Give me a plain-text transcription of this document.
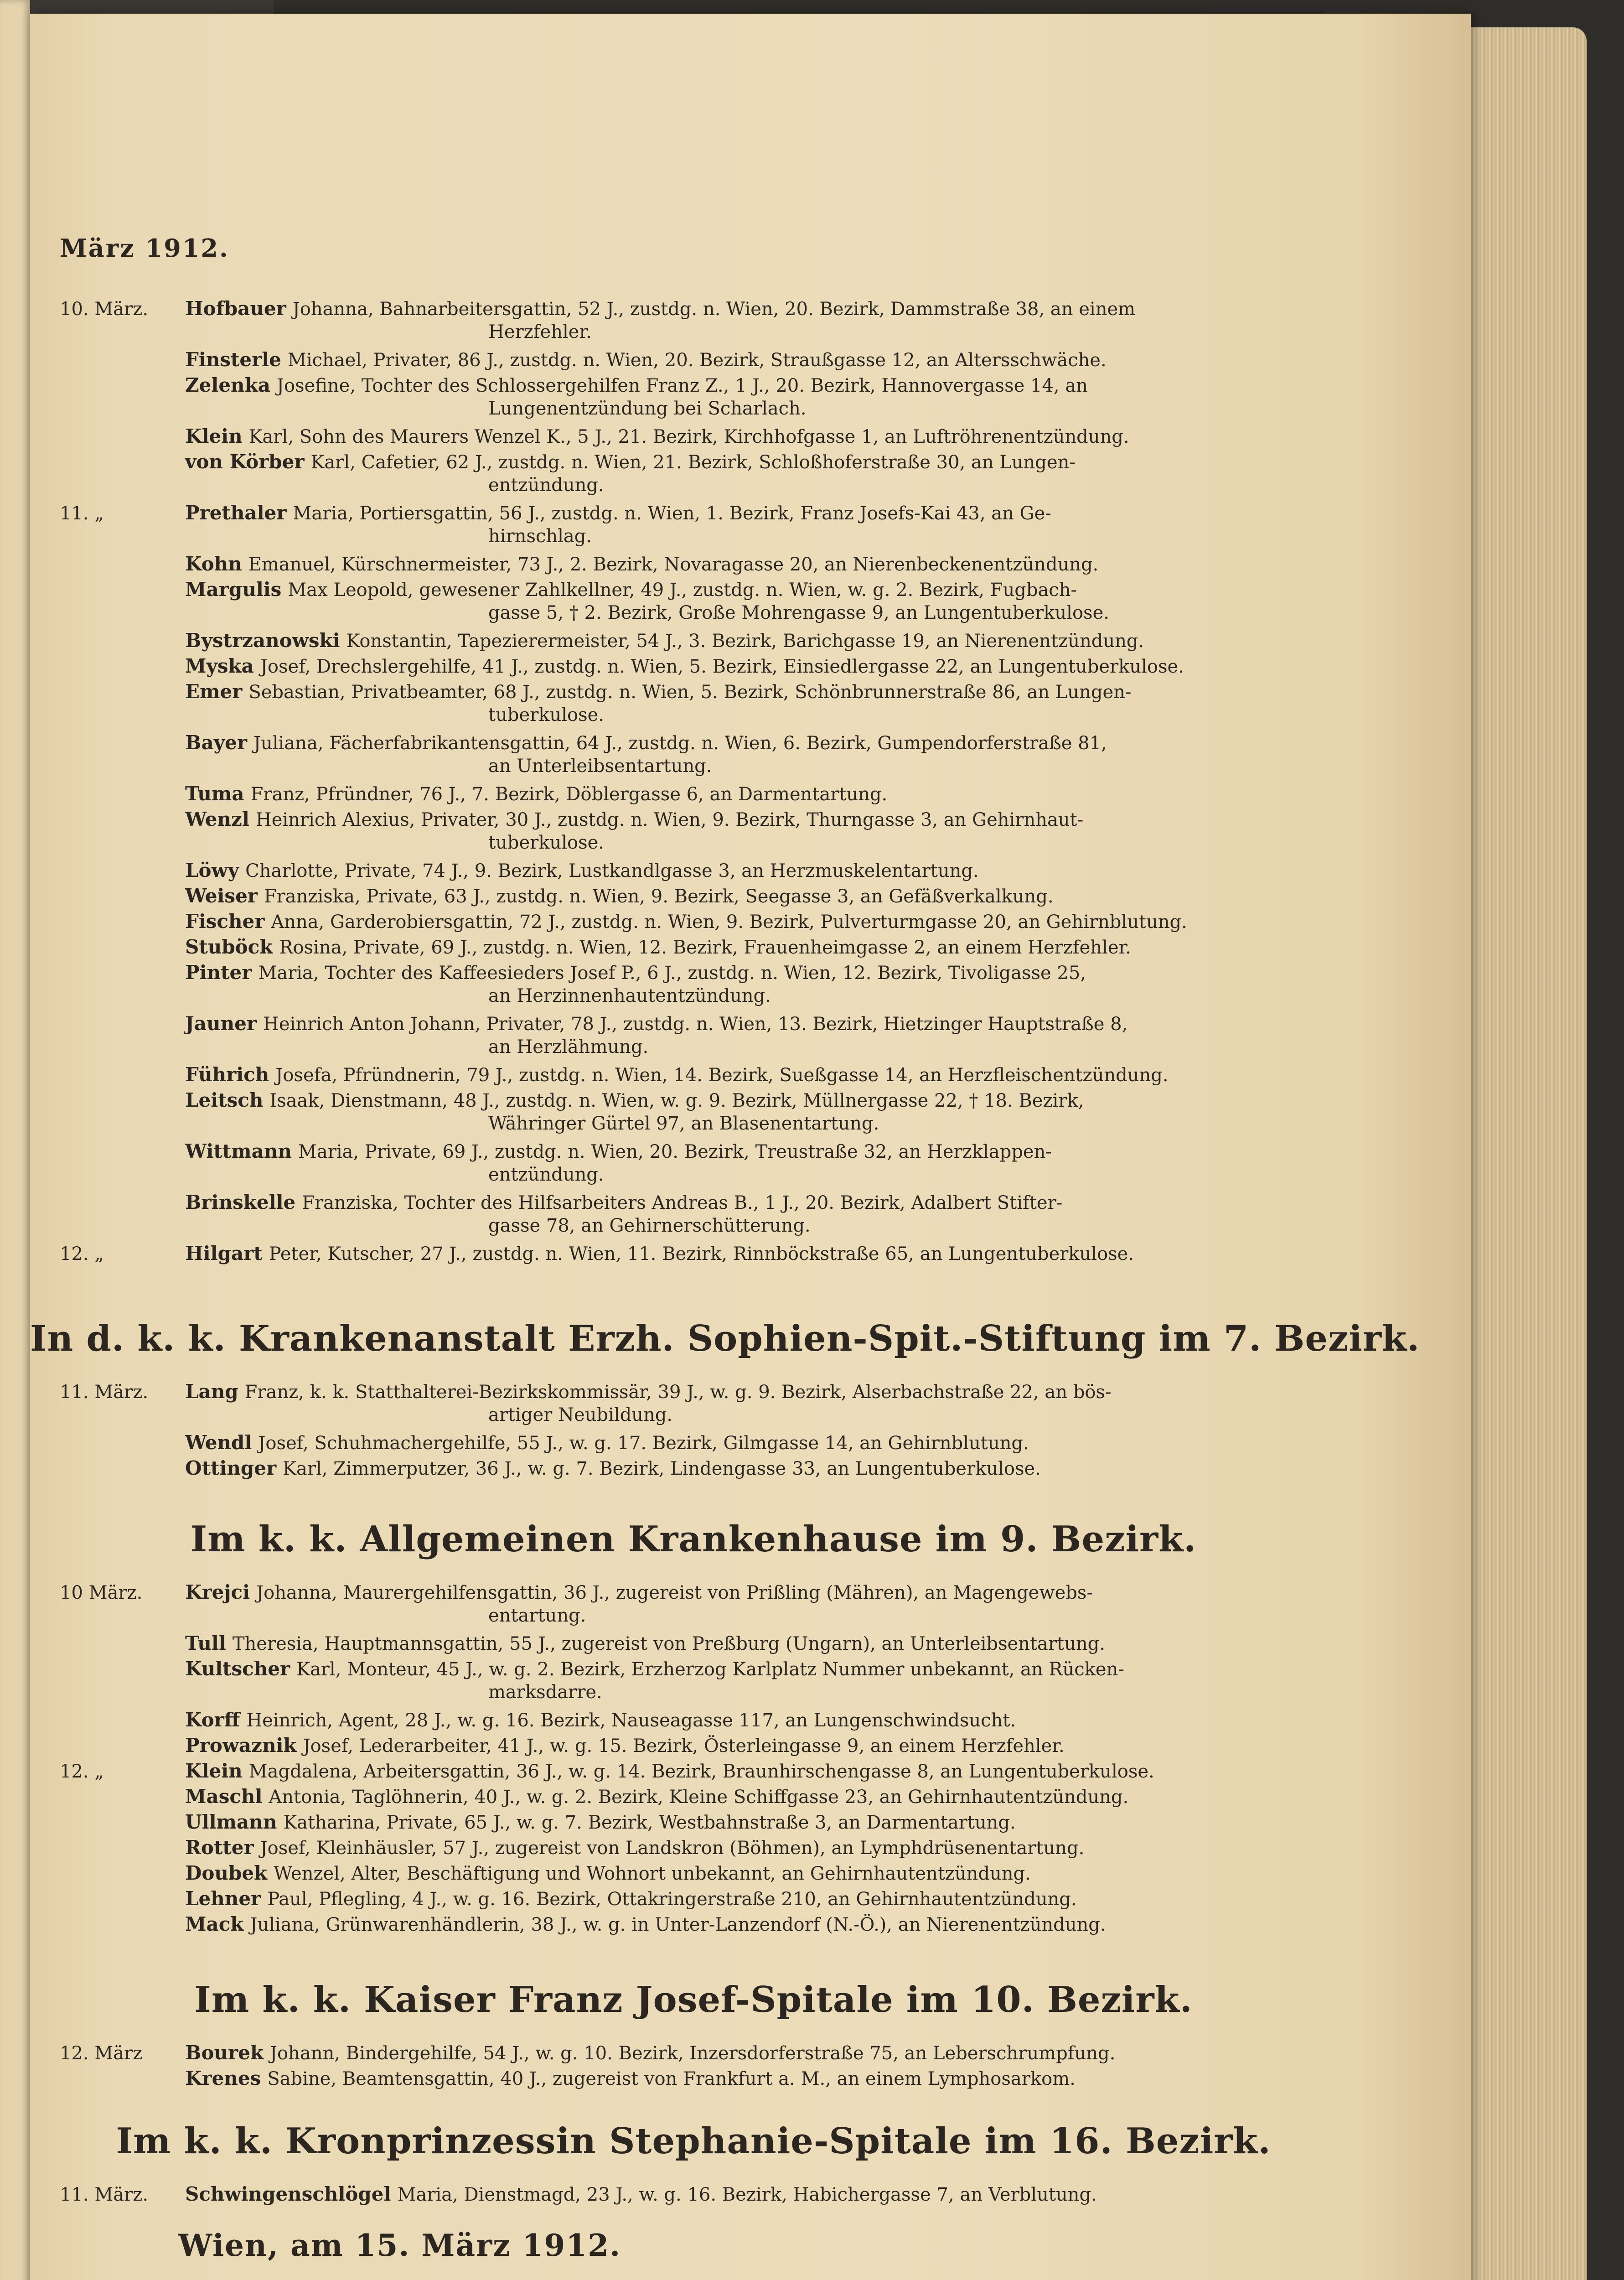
März 1912.
10. März. Hofbauer Johanna, Bahnarbeitersgattin, 52 J., zustdg. n. Wien, 20. Bezirk, Dammstraße 38, an einem
Herzfehler.
Finsterle Michael, Privater, 86 J., zustdg. n. Wien, 20. Bezirk, Straußgasse 12, an Altersschwäche.
Zelenka Josefine, Tochter des Schlossergehilfen Franz Z., 1 J., 20. Bezirk, Hannovergasse 14, an
Lungenentzündung bei Scharlach.
Klein Karl, Sohn des Maurers Wenzel K., 5 J., 21. Bezirk, Kirchhofgasse 1, an Luftröhrenentzündung.
von Körber Karl, Cafetier, 62 J., zustdg. n. Wien, 21. Bezirk, Schloßhoferstraße 30, an Lungen-
entzündung.
11. „	Prethaler Maria, Portiersgattin, 56 J., zustdg. n. Wien, 1. Bezirk, Franz Josefs-Kai 43, an Ge-
hirnschlag.
Kohn Emanuel, Kürschnermeister, 73 J., 2. Bezirk, Novaragasse 20, an Nierenbeckenentzündung.
Margulis Max Leopold, gewesener Zahlkellner, 49 J., zustdg. n. Wien, w. g. 2. Bezirk, Fugbach-
gasse 5, † 2. Bezirk, Große Mohrengasse 9, an Lungentuberkulose.
Bystrzanowski Konstantin, Tapezierermeister, 54 J., 3. Bezirk, Barichgasse 19, an Nierenentzündung.
Myska Josef, Drechslergehilfe, 41 J., zustdg. n. Wien, 5. Bezirk, Einsiedlergasse 22, an Lungentuberkulose.
Emer Sebastian, Privatbeamter, 68 J., zustdg. n. Wien, 5. Bezirk, Schönbrunnerstraße 86, an Lungen-
tuberkulose.
Bayer Juliana, Fächerfabrikantensgattin, 64 J., zustdg. n. Wien, 6. Bezirk, Gumpendorferstraße 81,
an Unterleibsentartung.
Tuma Franz, Pfründner, 76 J., 7. Bezirk, Döblergasse 6, an Darmentartung.
Wenzl Heinrich Alexius, Privater, 30 J., zustdg. n. Wien, 9. Bezirk, Thurngasse 3, an Gehirnhaut-
tuberkulose.
Löwy Charlotte, Private, 74 J., 9. Bezirk, Lustkandlgasse 3, an Herzmuskelentartung.
Weiser Franziska, Private, 63 J., zustdg. n. Wien, 9. Bezirk, Seegasse 3, an Gefäßverkalkung.
Fischer Anna, Garderobiersgattin, 72 J., zustdg. n. Wien, 9. Bezirk, Pulverturmgasse 20, an Gehirnblutung.
Stuböck Rosina, Private, 69 J., zustdg. n. Wien, 12. Bezirk, Frauenheimgasse 2, an einem Herzfehler.
Pinter Maria, Tochter des Kaffeesieders Josef P., 6 J., zustdg. n. Wien, 12. Bezirk, Tivoligasse 25,
an Herzinnenhautentzündung.
Jauner Heinrich Anton Johann, Privater, 78 J., zustdg. n. Wien, 13. Bezirk, Hietzinger Hauptstraße 8,
an Herzlähmung.
Führich Josefa, Pfründnerin, 79 J., zustdg. n. Wien, 14. Bezirk, Sueßgasse 14, an Herzfleischentzündung.
Leitsch Isaak, Dienstmann, 48 J., zustdg. n. Wien, w. g. 9. Bezirk, Müllnergasse 22, † 18. Bezirk,
Währinger Gürtel 97, an Blasenentartung.
Wittmann Maria, Private, 69 J., zustdg. n. Wien, 20. Bezirk, Treustraße 32, an Herzklappen-
entzündung.
Brinskelle Franziska, Tochter des Hilfsarbeiters Andreas B., 1 J., 20. Bezirk, Adalbert Stifter-
gasse 78, an Gehirnerschütterung.
12. „	Hilgart Peter, Kutscher, 27 J., zustdg. n. Wien, 11. Bezirk, Rinnböckstraße 65, an Lungentuberkulose.
In d. k. k. Krankenanstalt Erzh. Sophien-Spit.-Stiftung im 7. Bezirk.
11. März. Lang Franz, k. k. Statthalterei-Bezirkskommissär, 39 J., w. g. 9. Bezirk, Alserbachstraße 22, an bös-
artiger Neubildung.
Wendl Josef, Schuhmachergehilfe, 55 J., w. g. 17. Bezirk, Gilmgasse 14, an Gehirnblutung.
Ottinger Karl, Zimmerputzer, 36 J., w. g. 7. Bezirk, Lindengasse 33, an Lungentuberkulose.
Im k. k. Allgemeinen Krankenhause im 9. Bezirk.
10 März. Krejci Johanna, Maurergehilfensgattin, 36 J., zugereist von Prißling (Mähren), an Magengewebs-
entartung.
Tull Theresia, Hauptmannsgattin, 55 J., zugereist von Preßburg (Ungarn), an Unterleibsentartung.
Kultscher Karl, Monteur, 45 J., w. g. 2. Bezirk, Erzherzog Karlplatz Nummer unbekannt, an Rücken-
marksdarre.
Korff Heinrich, Agent, 28 J., w. g. 16. Bezirk, Nauseagasse 117, an Lungenschwindsucht.
Prowaznik Josef, Lederarbeiter, 41 J., w. g. 15. Bezirk, Österleingasse 9, an einem Herzfehler.
12. „	Klein Magdalena, Arbeitersgattin, 36 J., w. g. 14. Bezirk, Braunhirschengasse 8, an Lungentuberkulose.
Maschl Antonia, Taglöhnerin, 40 J., w. g. 2. Bezirk, Kleine Schiffgasse 23, an Gehirnhautentzündung.
Ullmann Katharina, Private, 65 J., w. g. 7. Bezirk, Westbahnstraße 3, an Darmentartung.
Rotter Josef, Kleinhäusler, 57 J., zugereist von Landskron (Böhmen), an Lymphdrüsenentartung.
Doubek Wenzel, Alter, Beschäftigung und Wohnort unbekannt, an Gehirnhautentzündung.
Lehner Paul, Pflegling, 4 J., w. g. 16. Bezirk, Ottakringerstraße 210, an Gehirnhautentzündung.
Mack Juliana, Grünwarenhändlerin, 38 J., w. g. in Unter-Lanzendorf (N.-Ö.), an Nierenentzündung.
Im k. k. Kaiser Franz Josef-Spitale im 10. Bezirk.
12. März Bourek Johann, Bindergehilfe, 54 J., w. g. 10. Bezirk, Inzersdorferstraße 75, an Leberschrumpfung.
Krenes Sabine, Beamtensgattin, 40 J., zugereist von Frankfurt a. M., an einem Lymphosarkom.
Im k. k. Kronprinzessin Stephanie-Spitale im 16. Bezirk.
11. März. Schwingenschlögel Maria, Dienstmagd, 23 J., w. g. 16. Bezirk, Habichergasse 7, an Verblutung.
Wien, am 15. März 1912.
